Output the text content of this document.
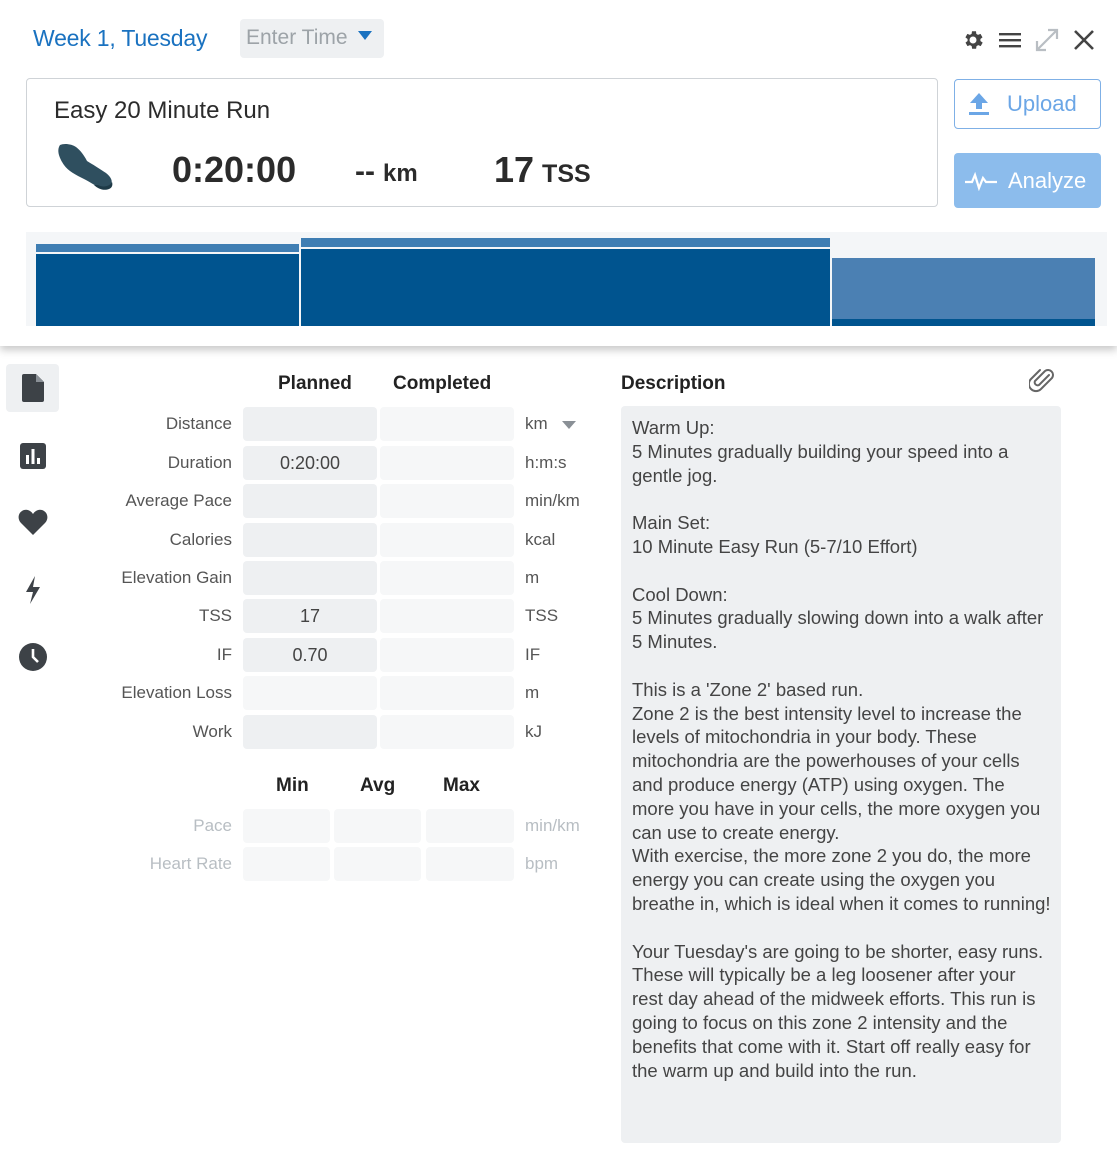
Week 1, Tuesday Enter Time
Easy 20 Minute Run
0:20:00 -- km 17 TSS
Upload
Analyze
Planned Completed
Distance	km
Duration	0:20:00	h:m:s
Average Pace	min/km
Calories	kcal
Elevation Gain	m
TSS	17	TSS
IF	0.70	IF
Elevation Loss	m
Work	kJ
Min	Avg	Max
Pace	min/km
Heart Rate	bpm
Description
Warm Up:
5 Minutes gradually building your speed into a gentle jog.

Main Set:
10 Minute Easy Run (5-7/10 Effort)

Cool Down:
5 Minutes gradually slowing down into a walk after 5 Minutes.

This is a 'Zone 2' based run.
Zone 2 is the best intensity level to increase the levels of mitochondria in your body. These mitochondria are the powerhouses of your cells and produce energy (ATP) using oxygen. The more you have in your cells, the more oxygen you can use to create energy.
With exercise, the more zone 2 you do, the more energy you can create using the oxygen you breathe in, which is ideal when it comes to running!

Your Tuesday's are going to be shorter, easy runs. These will typically be a leg loosener after your rest day ahead of the midweek efforts. This run is going to focus on this zone 2 intensity and the benefits that come with it. Start off really easy for the warm up and build into the run.
